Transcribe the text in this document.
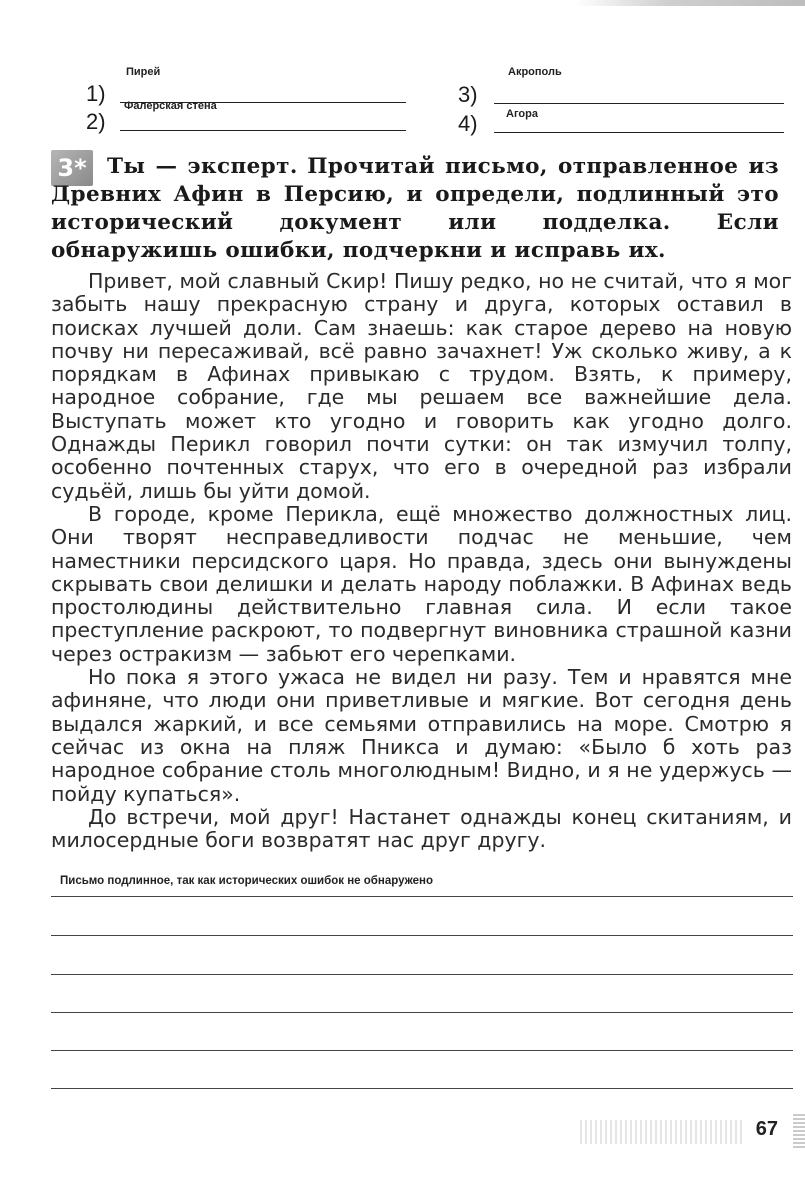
1)
Пирей
2)
Фалерская стена	3)
Акрополь
4)	Агора
3* Ты — эксперт. Прочитай письмо, отправленное из Древних Афин в Персию, и определи, подлинный это исторический документ или подделка. Если обнаружишь ошибки, подчеркни и исправь их.

Привет, мой славный Скир! Пишу редко, но не считай, что я мог забыть нашу прекрасную страну и друга, которых оставил в поисках лучшей доли. Сам знаешь: как старое дерево на новую почву ни пересаживай, всё равно зачахнет! Уж сколько живу, а к порядкам в Афинах привыкаю с трудом. Взять, к примеру, народное собрание, где мы решаем все важнейшие дела. Выступать может кто угодно и говорить как угодно долго. Однажды Перикл говорил почти сутки: он так измучил толпу, особенно почтенных старух, что его в очередной раз избрали судьёй, лишь бы уйти домой.

В городе, кроме Перикла, ещё множество должностных лиц. Они творят несправедливости подчас не меньшие, чем наместники персидского царя. Но правда, здесь они вынуждены скрывать свои делишки и делать народу поблажки. В Афинах ведь простолюдины действительно главная сила. И если такое преступление раскроют, то подвергнут виновника страшной казни через остракизм — забьют его черепками.

Но пока я этого ужаса не видел ни разу. Тем и нравятся мне афиняне, что люди они приветливые и мягкие. Вот сегодня день выдался жаркий, и все семьями отправились на море. Смотрю я сейчас из окна на пляж Пникса и думаю: «Было б хоть раз народное собрание столь многолюдным! Видно, и я не удержусь — пойду купаться».

До встречи, мой друг! Настанет однажды конец скитаниям, и милосердные боги возвратят нас друг другу.

Письмо подлинное, так как исторических ошибок не обнаружено
67
